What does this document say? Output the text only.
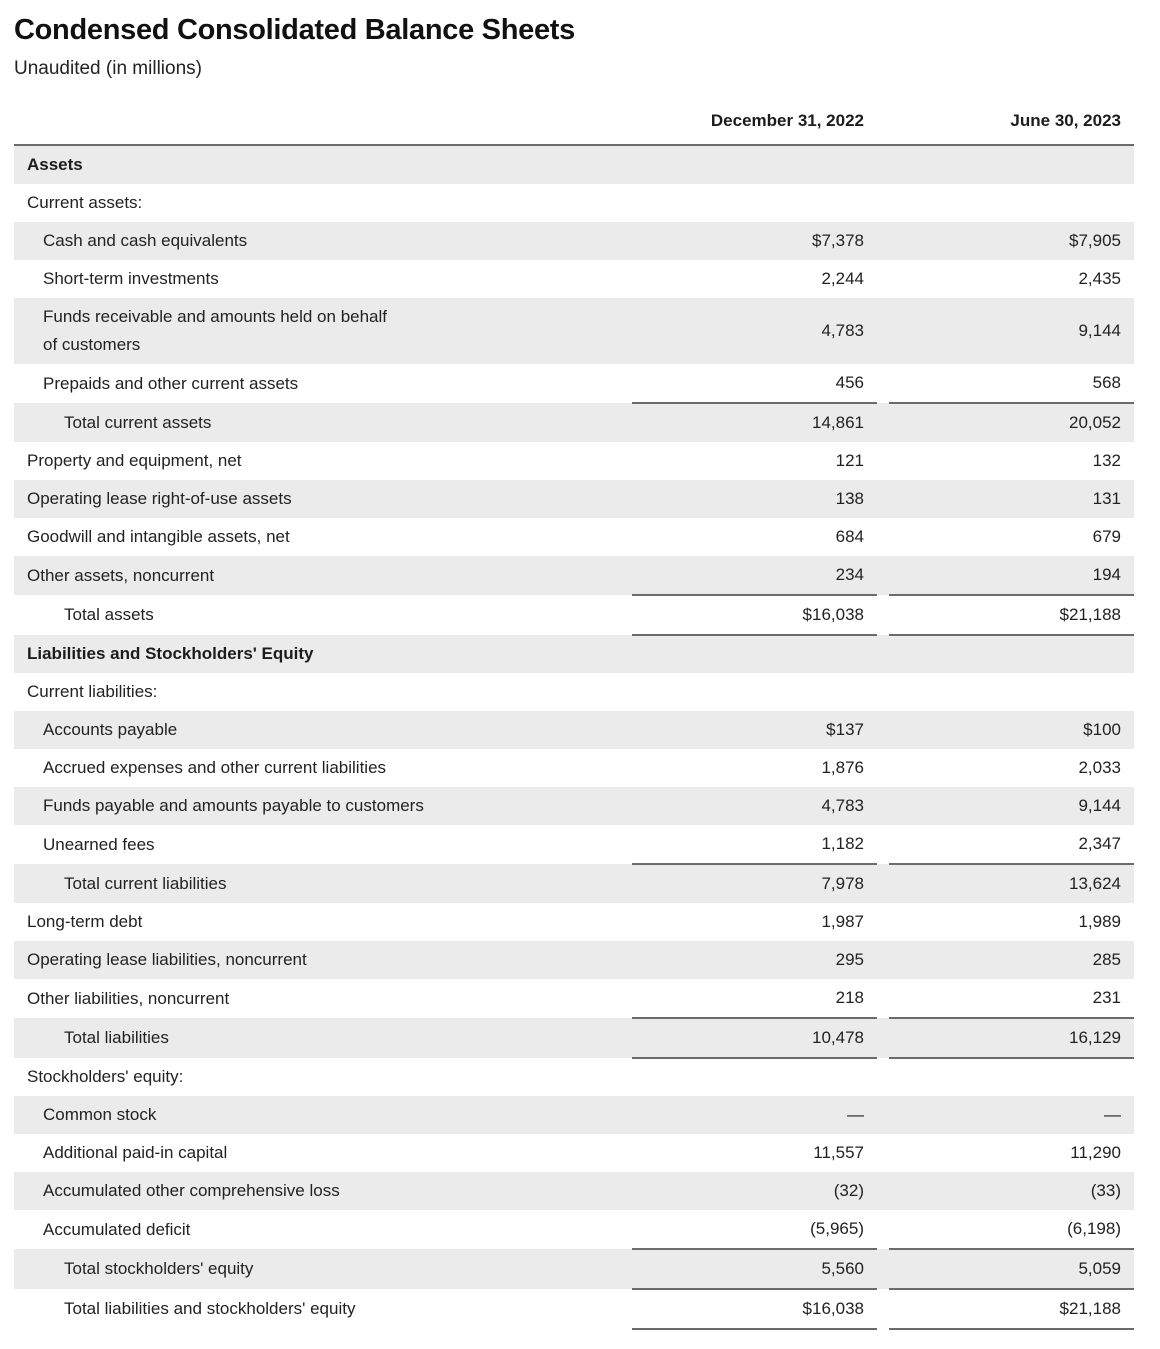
Condensed Consolidated Balance Sheets
Unaudited (in millions)
	December 31, 2022		June 30, 2023
Assets			
Current assets:			
Cash and cash equivalents	$7,378		$7,905
Short-term investments	2,244		2,435
Funds receivable and amounts held on behalf
of customers	4,783		9,144
Prepaids and other current assets	456		568
Total current assets	14,861		20,052
Property and equipment, net	121		132
Operating lease right-of-use assets	138		131
Goodwill and intangible assets, net	684		679
Other assets, noncurrent	234		194
Total assets	$16,038		$21,188
Liabilities and Stockholders' Equity			
Current liabilities:			
Accounts payable	$137		$100
Accrued expenses and other current liabilities	1,876		2,033
Funds payable and amounts payable to customers	4,783		9,144
Unearned fees	1,182		2,347
Total current liabilities	7,978		13,624
Long-term debt	1,987		1,989
Operating lease liabilities, noncurrent	295		285
Other liabilities, noncurrent	218		231
Total liabilities	10,478		16,129
Stockholders' equity:			
Common stock	—		—
Additional paid-in capital	11,557		11,290
Accumulated other comprehensive loss	(32)		(33)
Accumulated deficit	(5,965)		(6,198)
Total stockholders' equity	5,560		5,059
Total liabilities and stockholders' equity	$16,038		$21,188
